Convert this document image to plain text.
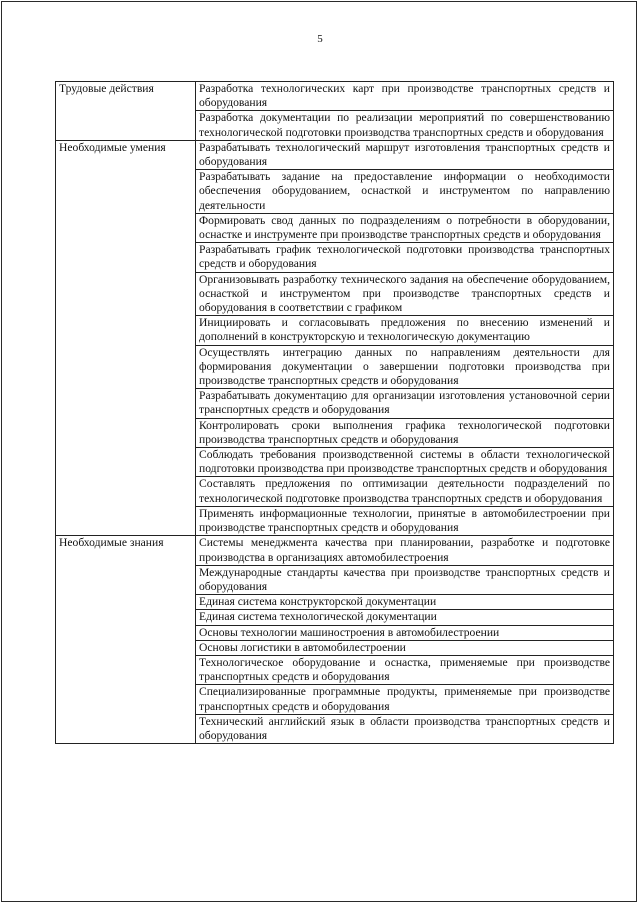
5
Трудовые действия	Разработка технологических карт при производстве транспортных средств и оборудования
	Разработка документации по реализации мероприятий по совершенствованию технологической подготовки производства транспортных средств и оборудования
Необходимые умения	Разрабатывать технологический маршрут изготовления транспортных средств и оборудования
	Разрабатывать задание на предоставление информации о необходимости обеспечения оборудованием, оснасткой и инструментом по направлению деятельности
	Формировать свод данных по подразделениям о потребности в оборудовании, оснастке и инструменте при производстве транспортных средств и оборудования
	Разрабатывать график технологической подготовки производства транспортных средств и оборудования
	Организовывать разработку технического задания на обеспечение оборудованием, оснасткой и инструментом при производстве транспортных средств и оборудования в соответствии с графиком
	Инициировать и согласовывать предложения по внесению изменений и дополнений в конструкторскую и технологическую документацию
	Осуществлять интеграцию данных по направлениям деятельности для формирования документации о завершении подготовки производства при производстве транспортных средств и оборудования
	Разрабатывать документацию для организации изготовления установочной серии транспортных средств и оборудования
	Контролировать сроки выполнения графика технологической подготовки производства транспортных средств и оборудования
	Соблюдать требования производственной системы в области технологической подготовки производства при производстве транспортных средств и оборудования
	Составлять предложения по оптимизации деятельности подразделений по технологической подготовке производства транспортных средств и оборудования
	Применять информационные технологии, принятые в автомобилестроении при производстве транспортных средств и оборудования
Необходимые знания	Системы менеджмента качества при планировании, разработке и подготовке производства в организациях автомобилестроения
	Международные стандарты качества при производстве транспортных средств и оборудования
	Единая система конструкторской документации
	Единая система технологической документации
	Основы технологии машиностроения в автомобилестроении
	Основы логистики в автомобилестроении
	Технологическое оборудование и оснастка, применяемые при производстве транспортных средств и оборудования
	Специализированные программные продукты, применяемые при производстве транспортных средств и оборудования
	Технический английский язык в области производства транспортных средств и оборудования
